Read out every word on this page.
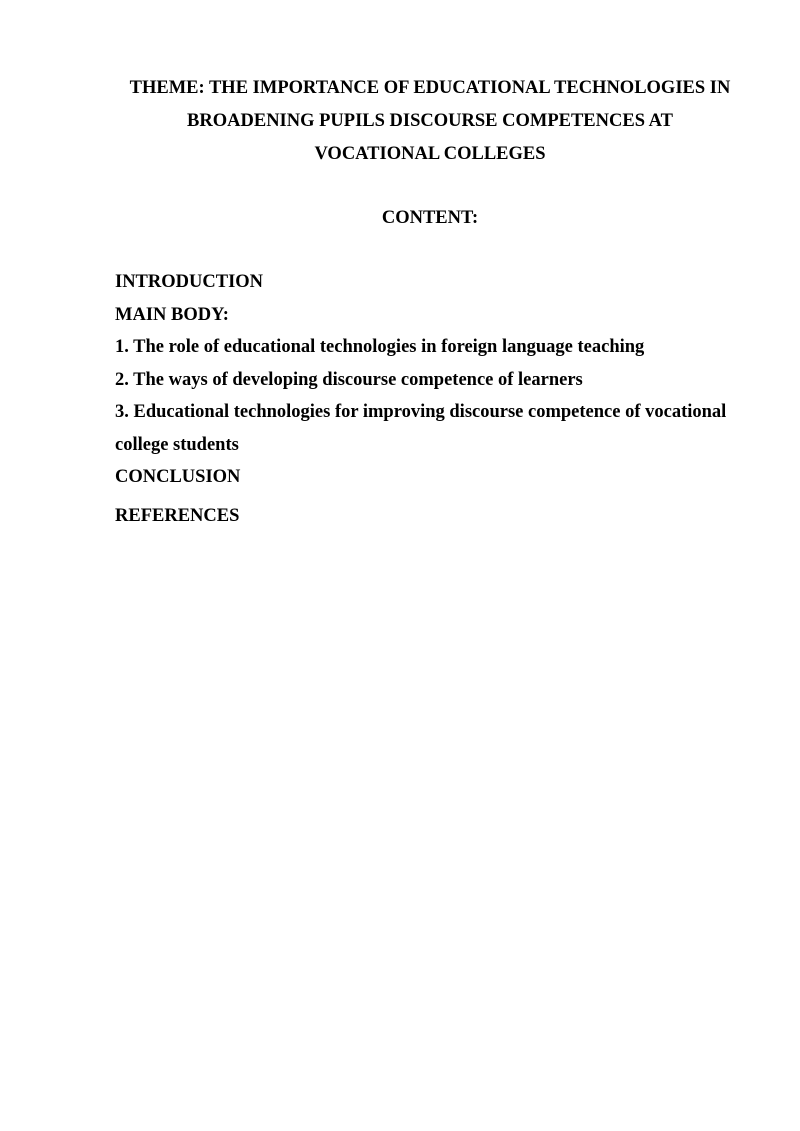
THEME: THE IMPORTANCE OF EDUCATIONAL TECHNOLOGIES IN
BROADENING PUPILS DISCOURSE COMPETENCES AT
VOCATIONAL COLLEGES
CONTENT:
INTRODUCTION
MAIN BODY:
1. The role of educational technologies in foreign language teaching
2. The ways of developing discourse competence of learners
3. Educational technologies for improving discourse competence of vocational
college students
CONCLUSION
REFERENCES
